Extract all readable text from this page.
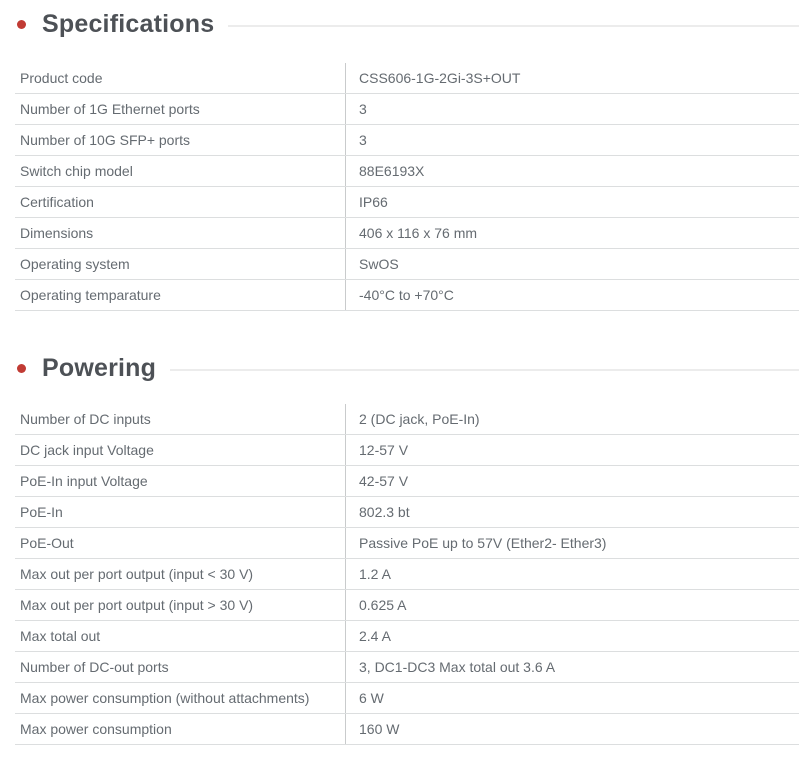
Specifications
Product code	CSS606-1G-2Gi-3S+OUT
Number of 1G Ethernet ports	3
Number of 10G SFP+ ports	3
Switch chip model	88E6193X
Certification	IP66
Dimensions	406 x 116 x 76 mm
Operating system	SwOS
Operating temparature	-40°C to +70°C
Powering
Number of DC inputs	2 (DC jack, PoE-In)
DC jack input Voltage	12-57 V
PoE-In input Voltage	42-57 V
PoE-In	802.3 bt
PoE-Out	Passive PoE up to 57V (Ether2- Ether3)
Max out per port output (input < 30 V)	1.2 A
Max out per port output (input > 30 V)	0.625 A
Max total out	2.4 A
Number of DC-out ports	3, DC1-DC3 Max total out 3.6 A
Max power consumption (without attachments)	6 W
Max power consumption	160 W
